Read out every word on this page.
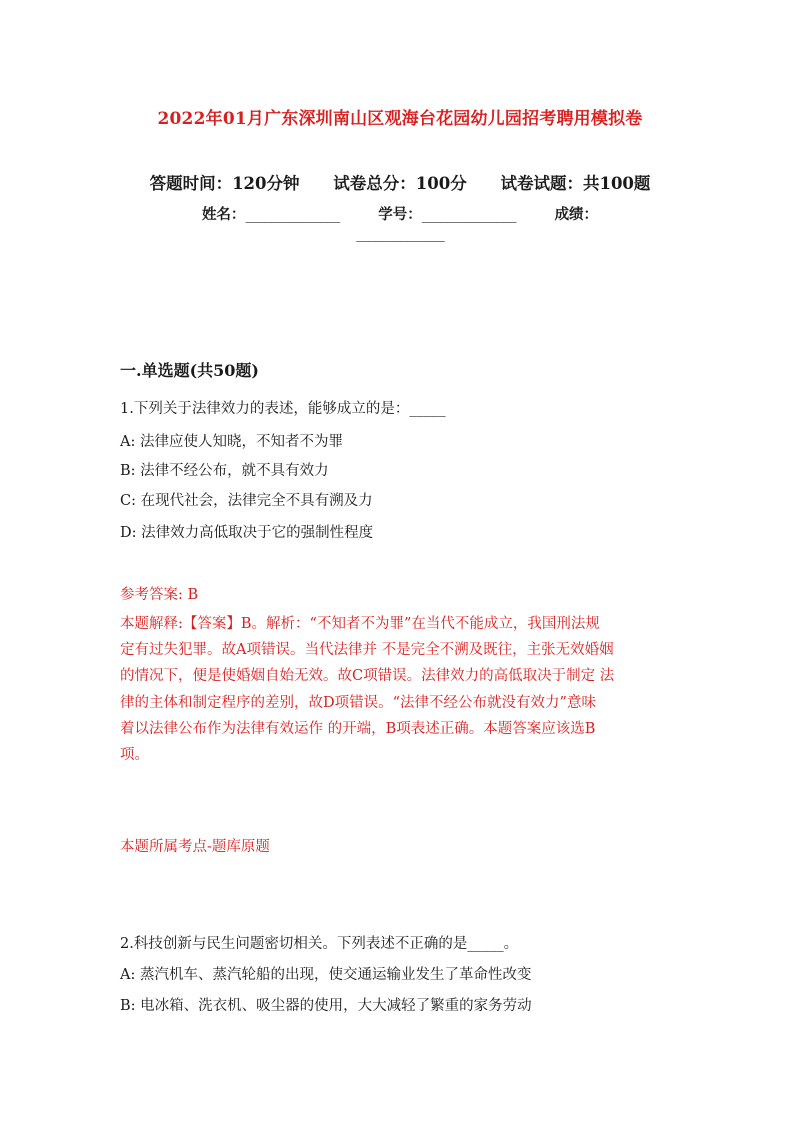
2022年01月广东深圳南山区观海台花园幼儿园招考聘用模拟卷
答题时间：120分钟 试卷总分：100分 试卷试题：共100题
姓名：_______________	学号：_______________	成绩：
______________
一.单选题(共50题)
1.下列关于法律效力的表述，能够成立的是：_____
A: 法律应使人知晓，不知者不为罪
B: 法律不经公布，就不具有效力
C: 在现代社会，法律完全不具有溯及力
D: 法律效力高低取决于它的强制性程度
参考答案: B
本题解释:【答案】B。解析：“不知者不为罪”在当代不能成立，我国刑法规
定有过失犯罪。故A项错误。当代法律并 不是完全不溯及既往，主张无效婚姻
的情况下，便是使婚姻自始无效。故C项错误。法律效力的高低取决于制定 法
律的主体和制定程序的差别，故D项错误。“法律不经公布就没有效力”意味
着以法律公布作为法律有效运作 的开端，B项表述正确。本题答案应该选B
项。
本题所属考点-题库原题
2.科技创新与民生问题密切相关。下列表述不正确的是_____。
A: 蒸汽机车、蒸汽轮船的出现，使交通运输业发生了革命性改变
B: 电冰箱、洗衣机、吸尘器的使用，大大减轻了繁重的家务劳动
